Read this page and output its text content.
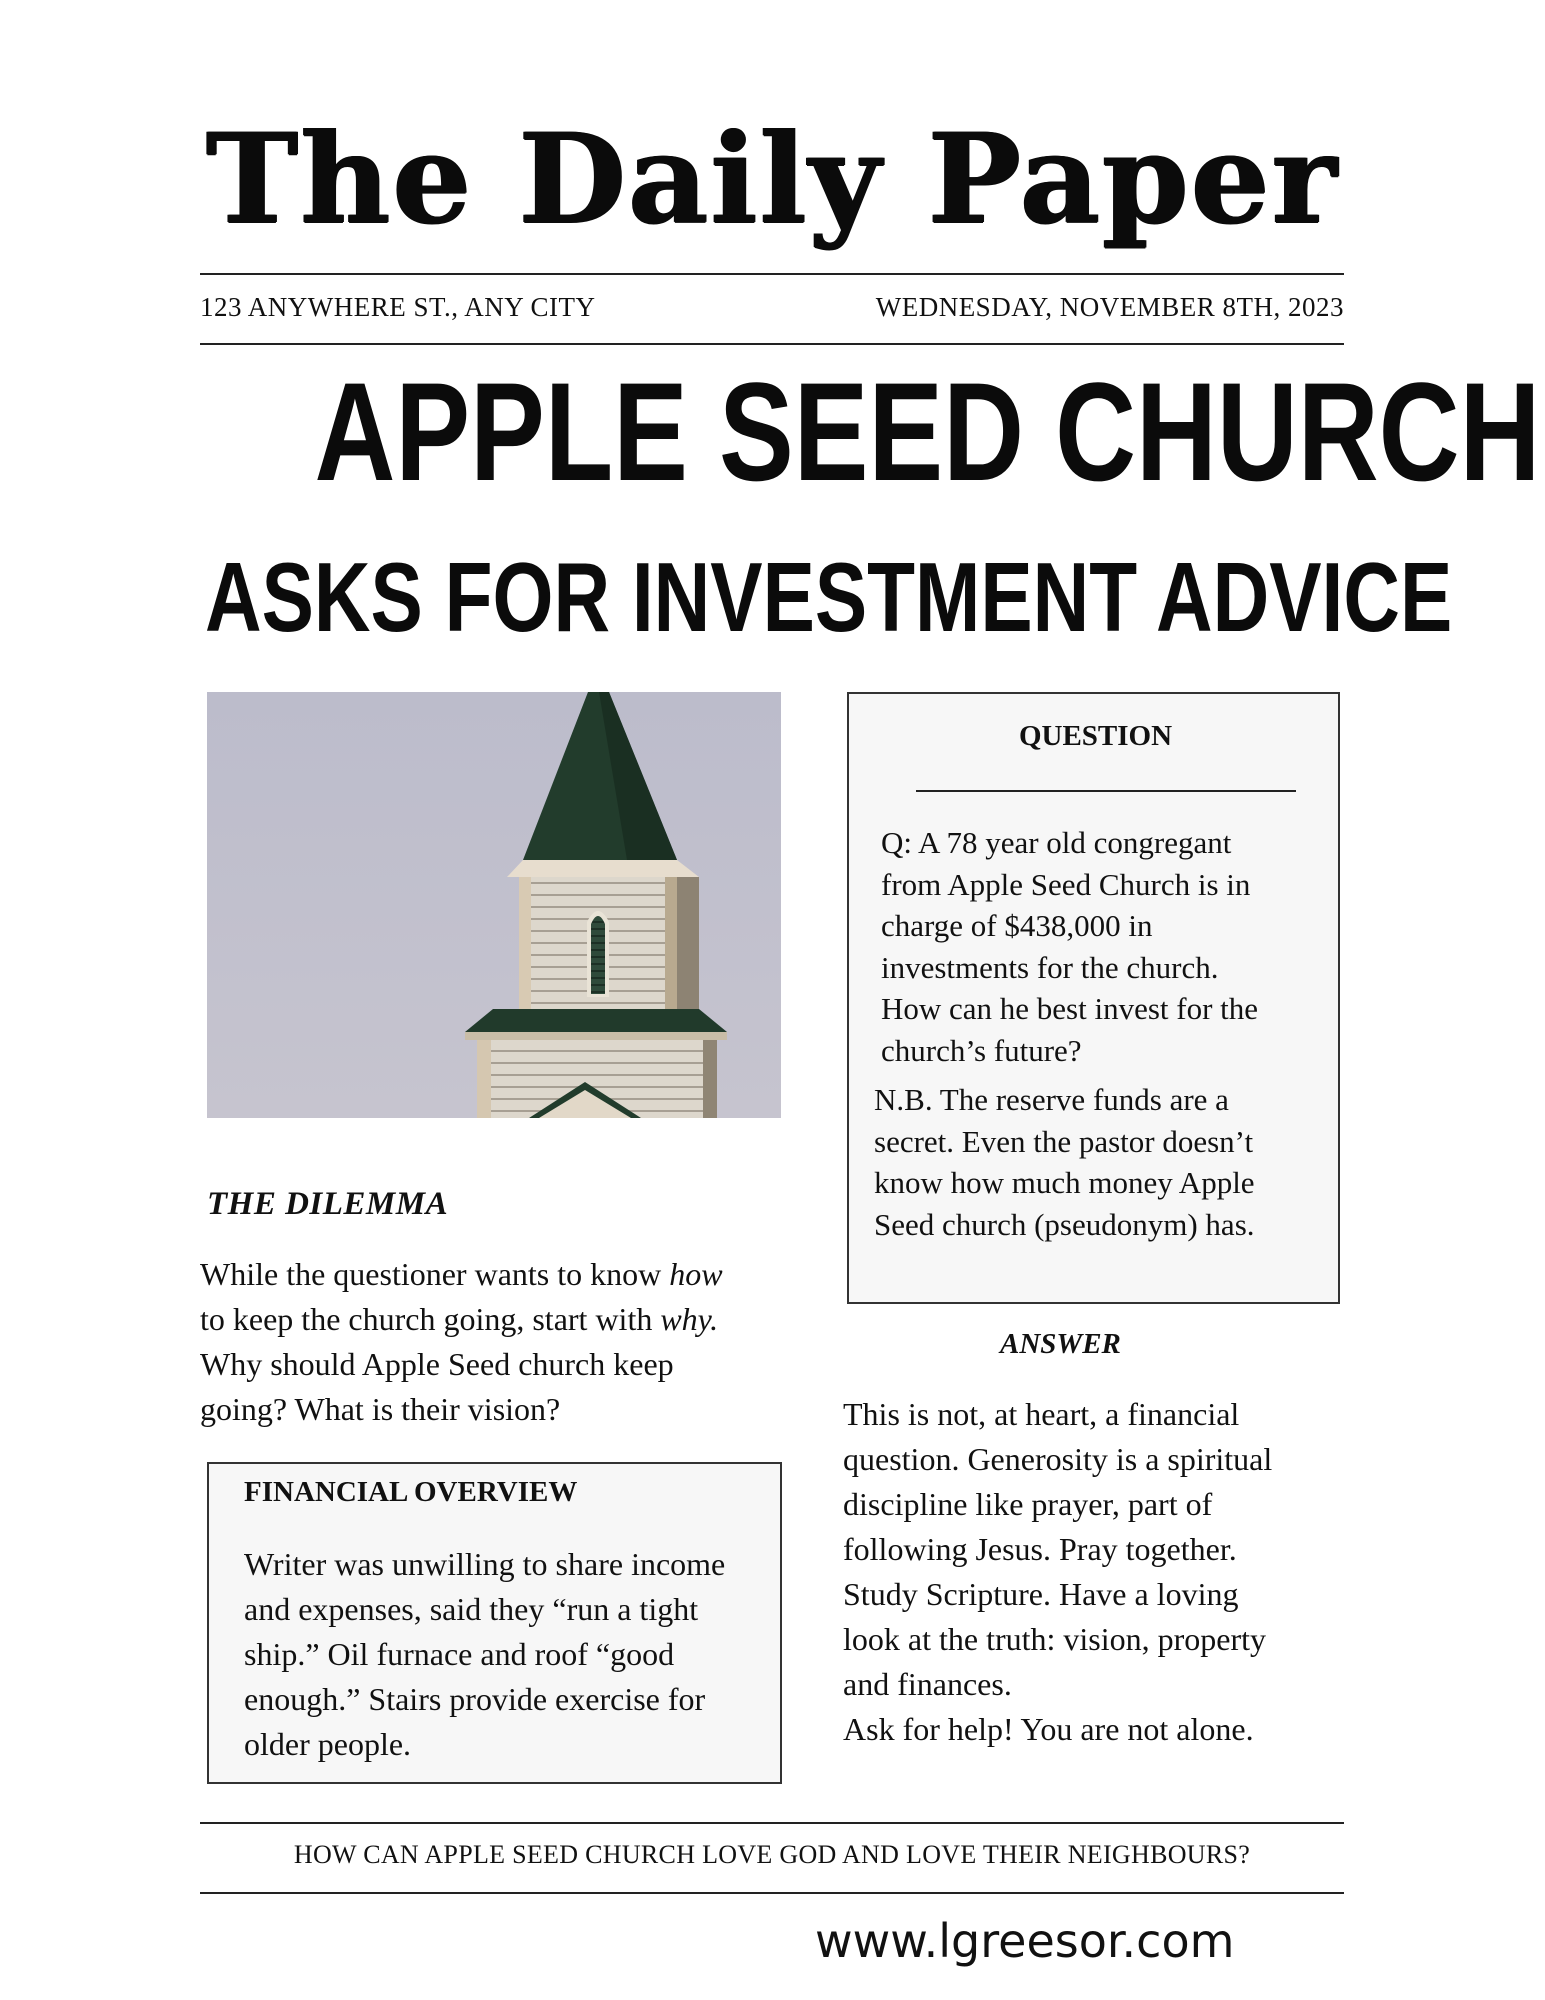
The Daily Paper
123 ANYWHERE ST., ANY CITY	WEDNESDAY, NOVEMBER 8TH, 2023
APPLE SEED CHURCH
ASKS FOR INVESTMENT ADVICE
QUESTION
Q: A 78 year old congregant
from Apple Seed Church is in
charge of $438,000 in
investments for the church.
How can he best invest for the
church’s future?
N.B. The reserve funds are a
secret. Even the pastor doesn’t
know how much money Apple
Seed church (pseudonym) has.
THE DILEMMA
While the questioner wants to know how
to keep the church going, start with why.
Why should Apple Seed church keep
going? What is their vision?
FINANCIAL OVERVIEW
Writer was unwilling to share income
and expenses, said they “run a tight
ship.” Oil furnace and roof “good
enough.” Stairs provide exercise for
older people.
ANSWER
This is not, at heart, a financial
question. Generosity is a spiritual
discipline like prayer, part of
following Jesus. Pray together.
Study Scripture. Have a loving
look at the truth: vision, property
and finances.
Ask for help! You are not alone.
HOW CAN APPLE SEED CHURCH LOVE GOD AND LOVE THEIR NEIGHBOURS?
www.lgreesor.com
